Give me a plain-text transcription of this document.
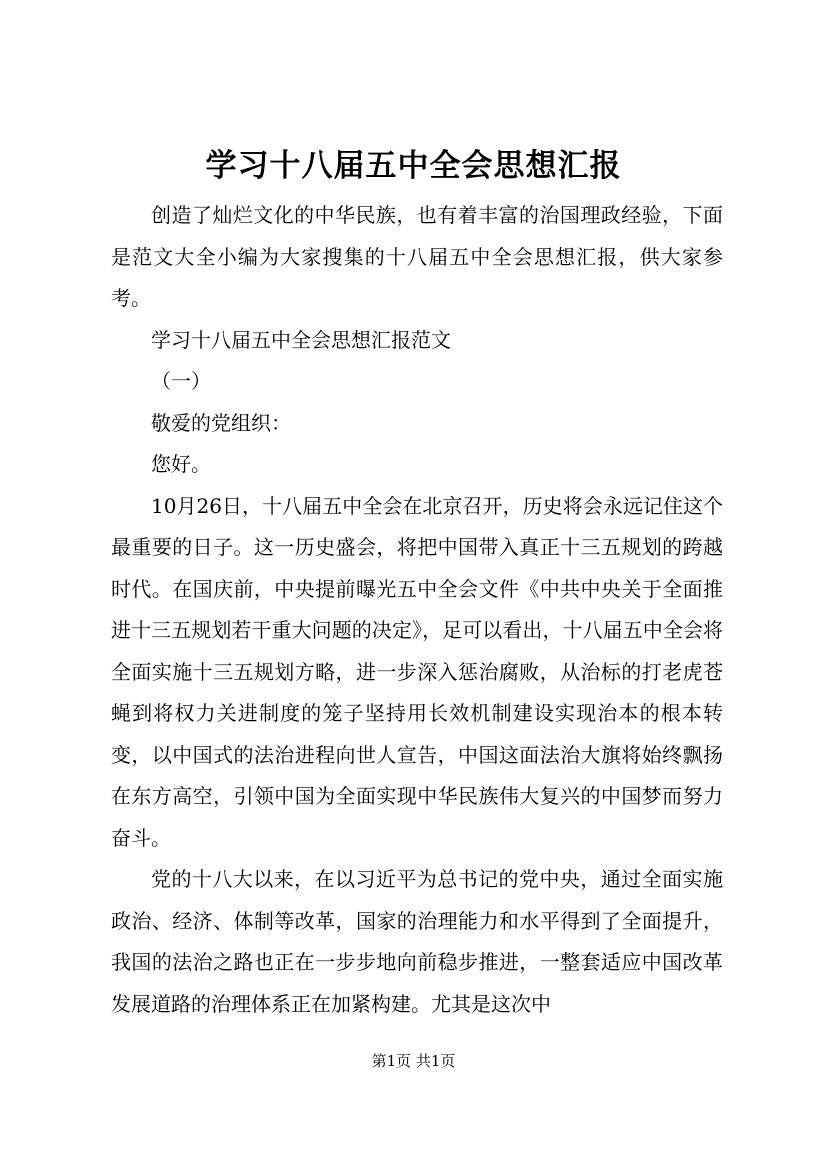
学习十八届五中全会思想汇报

创造了灿烂文化的中华民族，也有着丰富的治国理政经验，下面是范文大全小编为大家搜集的十八届五中全会思想汇报，供大家参考。

学习十八届五中全会思想汇报范文

（一）

敬爱的党组织：

您好。

10月26日，十八届五中全会在北京召开，历史将会永远记住这个最重要的日子。这一历史盛会，将把中国带入真正十三五规划的跨越时代。在国庆前，中央提前曝光五中全会文件《中共中央关于全面推进十三五规划若干重大问题的决定》，足可以看出，十八届五中全会将全面实施十三五规划方略，进一步深入惩治腐败，从治标的打老虎苍蝇到将权力关进制度的笼子坚持用长效机制建设实现治本的根本转变，以中国式的法治进程向世人宣告，中国这面法治大旗将始终飘扬在东方高空，引领中国为全面实现中华民族伟大复兴的中国梦而努力奋斗。

党的十八大以来，在以习近平为总书记的党中央，通过全面实施政治、经济、体制等改革，国家的治理能力和水平得到了全面提升，我国的法治之路也正在一步步地向前稳步推进，一整套适应中国改革发展道路的治理体系正在加紧构建。尤其是这次中

第1页 共1页
